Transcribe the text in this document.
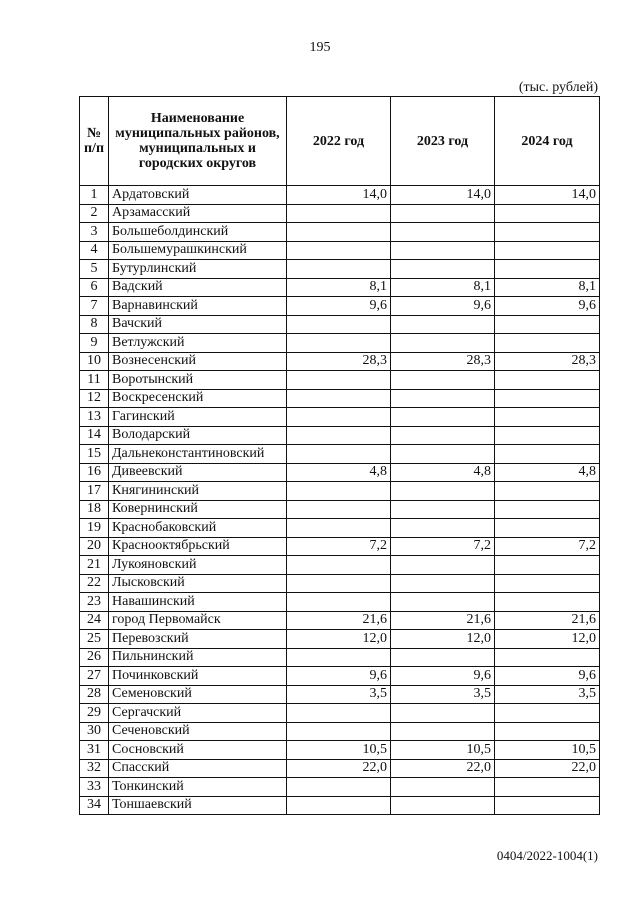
195
(тыс. рублей)
№ п/п	Наименование муниципальных районов, муниципальных и городских округов	2022 год	2023 год	2024 год
1	Ардатовский	14,0	14,0	14,0
2	Арзамасский			
3	Большеболдинский			
4	Большемурашкинский			
5	Бутурлинский			
6	Вадский	8,1	8,1	8,1
7	Варнавинский	9,6	9,6	9,6
8	Вачский			
9	Ветлужский			
10	Вознесенский	28,3	28,3	28,3
11	Воротынский			
12	Воскресенский			
13	Гагинский			
14	Володарский			
15	Дальнеконстантиновский			
16	Дивеевский	4,8	4,8	4,8
17	Княгининский			
18	Ковернинский			
19	Краснобаковский			
20	Краснооктябрьский	7,2	7,2	7,2
21	Лукояновский			
22	Лысковский			
23	Навашинский			
24	город Первомайск	21,6	21,6	21,6
25	Перевозский	12,0	12,0	12,0
26	Пильнинский			
27	Починковский	9,6	9,6	9,6
28	Семеновский	3,5	3,5	3,5
29	Сергачский			
30	Сеченовский			
31	Сосновский	10,5	10,5	10,5
32	Спасский	22,0	22,0	22,0
33	Тонкинский			
34	Тоншаевский			
0404/2022-1004(1)
